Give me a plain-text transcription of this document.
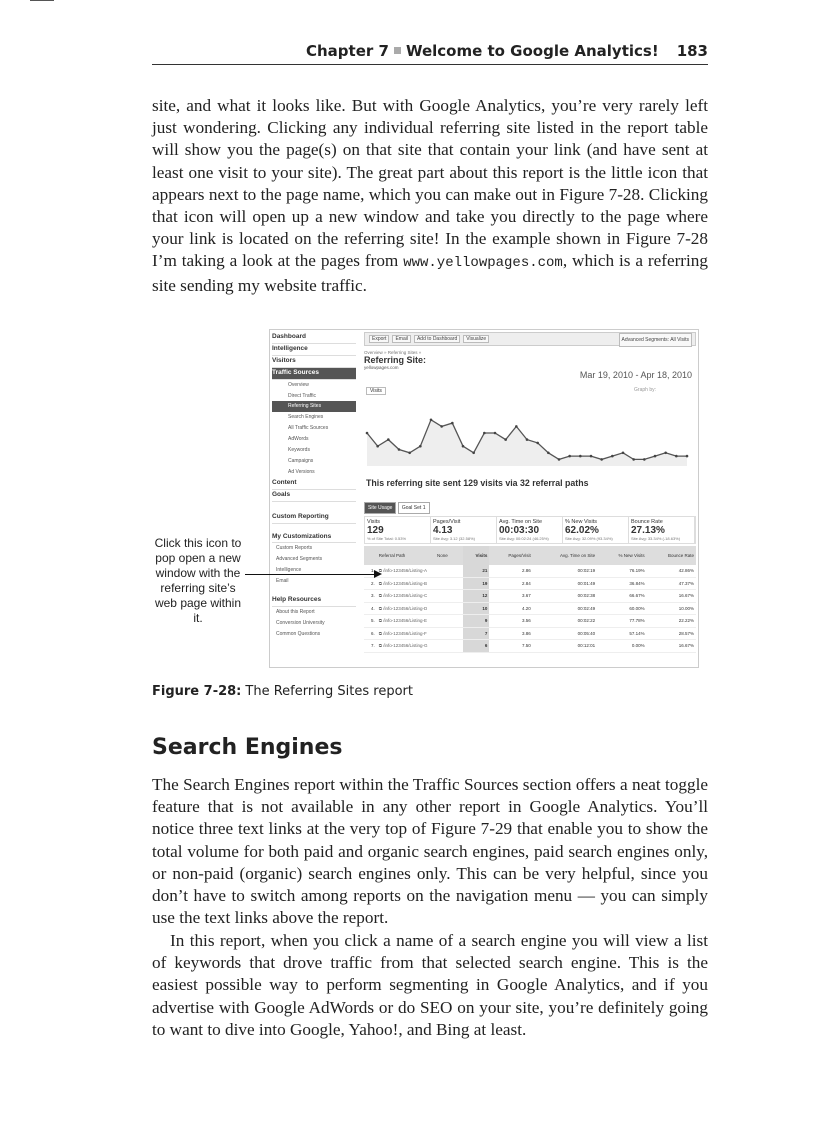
Chapter 7 Welcome to Google Analytics! 183

site, and what it looks like. But with Google Analytics, you’re very rarely left just wondering. Clicking any individual referring site listed in the report table will show you the page(s) on that site that contain your link (and have sent at least one visit to your site). The great part about this report is the little icon that appears next to the page name, which you can make out in Figure 7-28. Clicking that icon will open up a new window and take you directly to the page where your link is located on the referring site! In the example shown in Figure 7-28 I’m taking a look at the pages from www.yellowpages.com, which is a referring site sending my website traffic.

Dashboard
Intelligence
Visitors
Traffic Sources
Overview
Direct Traffic
Referring Sites
Search Engines
All Traffic Sources
AdWords
Keywords
Campaigns
Ad Versions
Content
Goals
Custom Reporting
My Customizations
Custom Reports
Advanced Segments
Intelligence
Email
Help Resources
About this Report
Conversion University
Common Questions
Export Email Add to Dashboard Visualize	Advanced Segments: All Visits
Overview » Referring Sites »
Referring Site:
yellowpages.com
Mar 19, 2010 - Apr 18, 2010
Visits	Graph by:
This referring site sent 129 visits via 32 referral paths
Site Usage Goal Set 1
Visits
129
% of Site Total: 0.53%
Pages/Visit
4.13
Site Avg: 3.12 (32.58%)
Avg. Time on Site
00:03:30
Site Avg: 00:02:24 (46.25%)
% New Visits
62.02%
Site Avg: 32.09% (93.34%)
Bounce Rate
27.13%
Site Avg: 33.34% (-18.63%)
	Referral Path	None	Visits	Pages/Visit	Avg. Time on Site	% New Visits	Bounce Rate
1.	⧉ /info-123456/Listing-A		21	2.86	00:02:19	76.19%	42.86%
2.	⧉ /info-123456/Listing-B		19	2.84	00:01:49	36.84%	47.37%
3.	⧉ /info-123456/Listing-C		12	3.67	00:02:38	66.67%	16.67%
4.	⧉ /info-123456/Listing-D		10	4.20	00:02:49	60.00%	10.00%
5.	⧉ /info-123456/Listing-E		9	3.56	00:02:22	77.78%	22.22%
6.	⧉ /info-123456/Listing-F		7	3.86	00:05:40	57.14%	28.57%
7.	⧉ /info-123456/Listing-G		6	7.50	00:12:01	0.00%	16.67%
Click this icon to pop open a new window with the referring site’s web page within it.
Figure 7-28: The Referring Sites report
Search Engines

The Search Engines report within the Traffic Sources section offers a neat toggle feature that is not available in any other report in Google Analytics. You’ll notice three text links at the very top of Figure 7-29 that enable you to show the total volume for both paid and organic search engines, paid search engines only, or non-paid (organic) search engines only. This can be very helpful, since you don’t have to switch among reports on the navigation menu — you can simply use the text links above the report.

In this report, when you click a name of a search engine you will view a list of keywords that drove traffic from that selected search engine. This is the easiest possible way to perform segmenting in Google Analytics, and if you advertise with Google AdWords or do SEO on your site, you’re definitely going to want to dive into Google, Yahoo!, and Bing at least.
